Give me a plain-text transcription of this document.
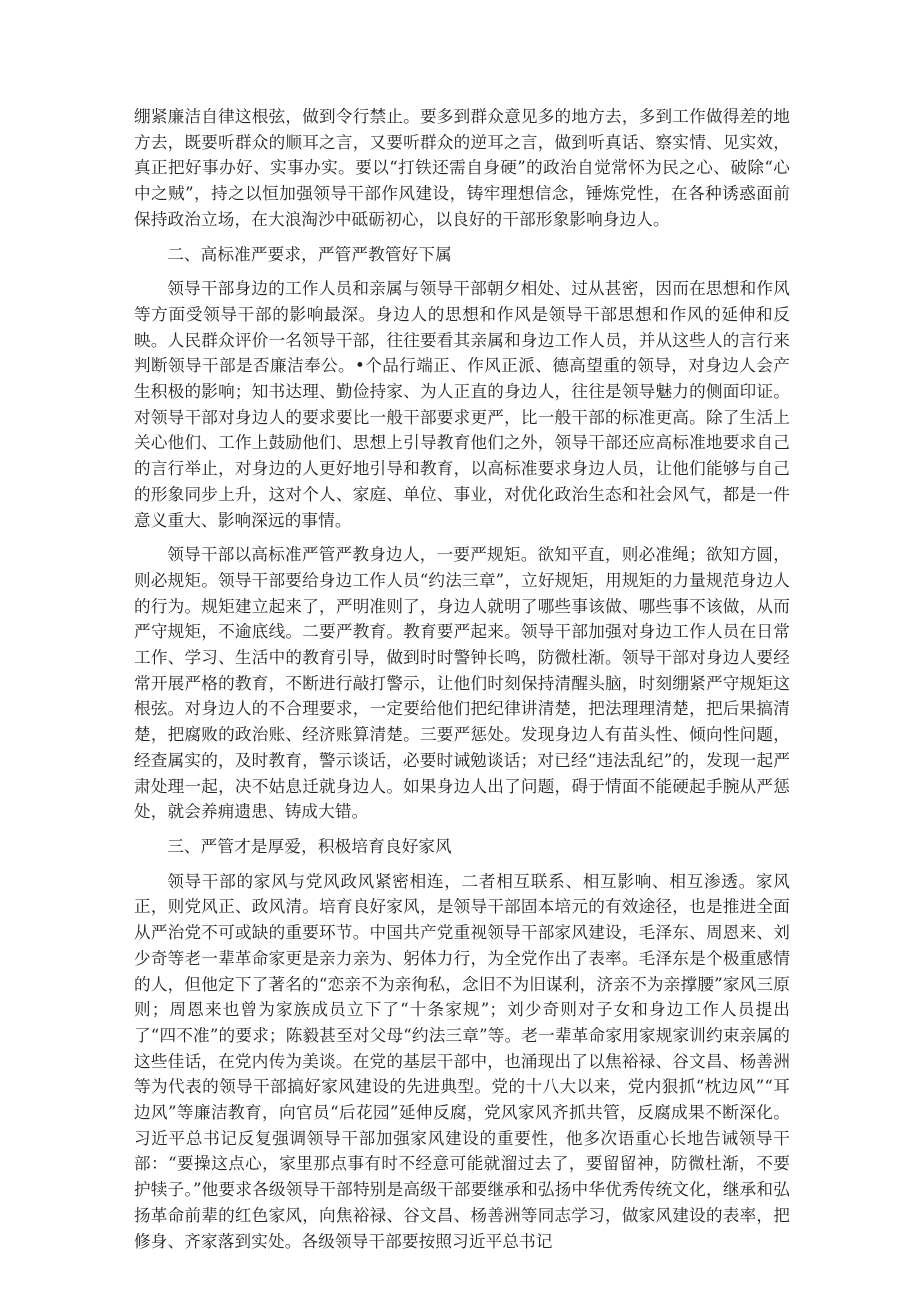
绷紧廉洁自律这根弦，做到令行禁止。要多到群众意见多的地方去，多到工作做得差的地方去，既要听群众的顺耳之言，又要听群众的逆耳之言，做到听真话、察实情、见实效，真正把好事办好、实事办实。要以“打铁还需自身硬”的政治自觉常怀为民之心、破除“心中之贼”，持之以恒加强领导干部作风建设，铸牢理想信念，锤炼党性，在各种诱惑面前保持政治立场，在大浪淘沙中砥砺初心，以良好的干部形象影响身边人。

二、高标准严要求，严管严教管好下属

领导干部身边的工作人员和亲属与领导干部朝夕相处、过从甚密，因而在思想和作风等方面受领导干部的影响最深。身边人的思想和作风是领导干部思想和作风的延伸和反映。人民群众评价一名领导干部，往往要看其亲属和身边工作人员，并从这些人的言行来判断领导干部是否廉洁奉公。•个品行端正、作风正派、德高望重的领导，对身边人会产生积极的影响；知书达理、勤俭持家、为人正直的身边人，往往是领导魅力的侧面印证。对领导干部对身边人的要求要比一般干部要求更严，比一般干部的标准更高。除了生活上关心他们、工作上鼓励他们、思想上引导教育他们之外，领导干部还应高标准地要求自己的言行举止，对身边的人更好地引导和教育，以高标准要求身边人员，让他们能够与自己的形象同步上升，这对个人、家庭、单位、事业，对优化政治生态和社会风气，都是一件意义重大、影响深远的事情。

领导干部以高标准严管严教身边人，一要严规矩。欲知平直，则必准绳；欲知方圆，则必规矩。领导干部要给身边工作人员“约法三章”，立好规矩，用规矩的力量规范身边人的行为。规矩建立起来了，严明准则了，身边人就明了哪些事该做、哪些事不该做，从而严守规矩，不逾底线。二要严教育。教育要严起来。领导干部加强对身边工作人员在日常工作、学习、生活中的教育引导，做到时时警钟长鸣，防微杜渐。领导干部对身边人要经常开展严格的教育，不断进行敲打警示，让他们时刻保持清醒头脑，时刻绷紧严守规矩这根弦。对身边人的不合理要求，一定要给他们把纪律讲清楚，把法理理清楚，把后果搞清楚，把腐败的政治账、经济账算清楚。三要严惩处。发现身边人有苗头性、倾向性问题，经查属实的，及时教育，警示谈话，必要时诫勉谈话；对已经“违法乱纪”的，发现一起严肃处理一起，决不姑息迁就身边人。如果身边人出了问题，碍于情面不能硬起手腕从严惩处，就会养痈遗患、铸成大错。

三、严管才是厚爱，积极培育良好家风

领导干部的家风与党风政风紧密相连，二者相互联系、相互影响、相互渗透。家风正，则党风正、政风清。培育良好家风，是领导干部固本培元的有效途径，也是推进全面从严治党不可或缺的重要环节。中国共产党重视领导干部家风建设，毛泽东、周恩来、刘少奇等老一辈革命家更是亲力亲为、躬体力行，为全党作出了表率。毛泽东是个极重感情的人，但他定下了著名的“恋亲不为亲徇私，念旧不为旧谋利，济亲不为亲撑腰”家风三原则；周恩来也曾为家族成员立下了“十条家规”；刘少奇则对子女和身边工作人员提出了“四不准”的要求；陈毅甚至对父母“约法三章”等。老一辈革命家用家规家训约束亲属的这些佳话，在党内传为美谈。在党的基层干部中，也涌现出了以焦裕禄、谷文昌、杨善洲等为代表的领导干部搞好家风建设的先进典型。党的十八大以来，党内狠抓“枕边风”“耳边风”等廉洁教育，向官员“后花园”延伸反腐，党风家风齐抓共管，反腐成果不断深化。习近平总书记反复强调领导干部加强家风建设的重要性，他多次语重心长地告诫领导干部：“要操这点心，家里那点事有时不经意可能就溜过去了，要留留神，防微杜渐，不要护犊子。”他要求各级领导干部特别是高级干部要继承和弘扬中华优秀传统文化，继承和弘扬革命前辈的红色家风，向焦裕禄、谷文昌、杨善洲等同志学习，做家风建设的表率，把修身、齐家落到实处。各级领导干部要按照习近平总书记
